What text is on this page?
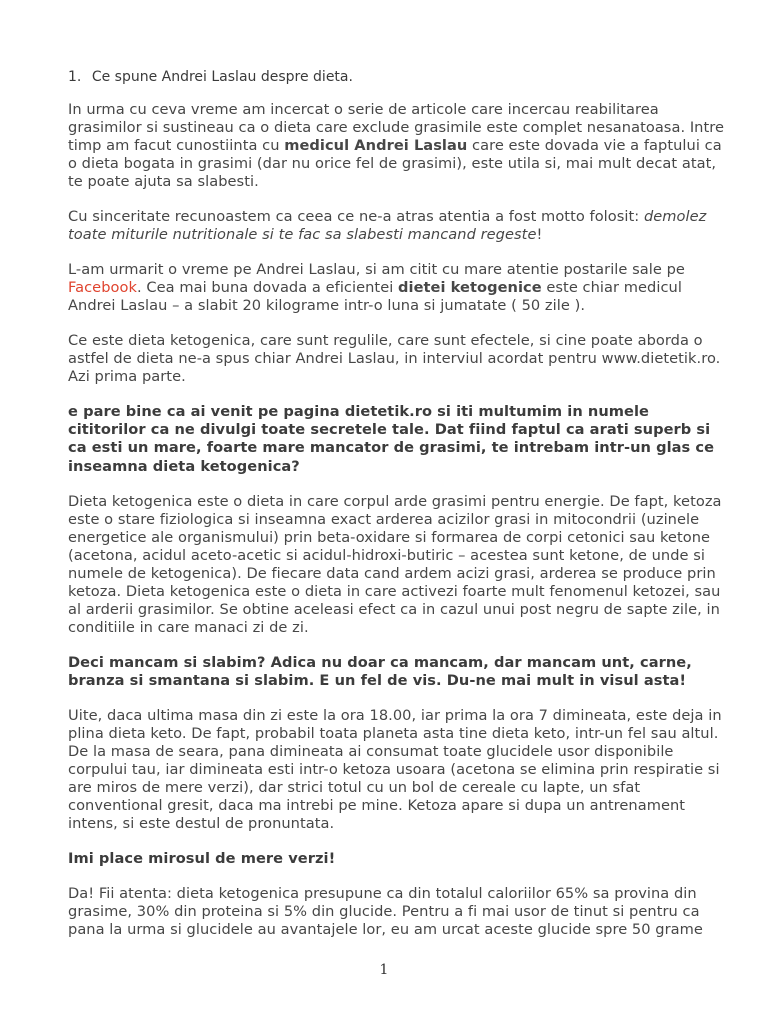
1. Ce spune Andrei Laslau despre dieta.

In urma cu ceva vreme am incercat o serie de articole care incercau reabilitarea grasimilor si sustineau ca o dieta care exclude grasimile este complet nesanatoasa. Intre timp am facut cunostiinta cu medicul Andrei Laslau care este dovada vie a faptului ca o dieta bogata in grasimi (dar nu orice fel de grasimi), este utila si, mai mult decat atat, te poate ajuta sa slabesti.

Cu sinceritate recunoastem ca ceea ce ne-a atras atentia a fost motto folosit: demolez toate miturile nutritionale si te fac sa slabesti mancand regeste!

L-am urmarit o vreme pe Andrei Laslau, si am citit cu mare atentie postarile sale pe Facebook. Cea mai buna dovada a eficientei dietei ketogenice este chiar medicul Andrei Laslau – a slabit 20 kilograme intr-o luna si jumatate ( 50 zile ).

Ce este dieta ketogenica, care sunt regulile, care sunt efectele, si cine poate aborda o astfel de dieta ne-a spus chiar Andrei Laslau, in interviul acordat pentru www.dietetik.ro. Azi prima parte.

e pare bine ca ai venit pe pagina dietetik.ro si iti multumim in numele cititorilor ca ne divulgi toate secretele tale. Dat fiind faptul ca arati superb si ca esti un mare, foarte mare mancator de grasimi, te intrebam intr-un glas ce inseamna dieta ketogenica?

Dieta ketogenica este o dieta in care corpul arde grasimi pentru energie. De fapt, ketoza este o stare fiziologica si inseamna exact arderea acizilor grasi in mitocondrii (uzinele energetice ale organismului) prin beta-oxidare si formarea de corpi cetonici sau ketone (acetona, acidul aceto-acetic si acidul-hidroxi-butiric – acestea sunt ketone, de unde si numele de ketogenica). De fiecare data cand ardem acizi grasi, arderea se produce prin ketoza. Dieta ketogenica este o dieta in care activezi foarte mult fenomenul ketozei, sau al arderii grasimilor. Se obtine aceleasi efect ca in cazul unui post negru de sapte zile, in conditiile in care manaci zi de zi.

Deci mancam si slabim? Adica nu doar ca mancam, dar mancam unt, carne, branza si smantana si slabim. E un fel de vis. Du-ne mai mult in visul asta!

Uite, daca ultima masa din zi este la ora 18.00, iar prima la ora 7 dimineata, este deja in plina dieta keto. De fapt, probabil toata planeta asta tine dieta keto, intr-un fel sau altul. De la masa de seara, pana dimineata ai consumat toate glucidele usor disponibile corpului tau, iar dimineata esti intr-o ketoza usoara (acetona se elimina prin respiratie si are miros de mere verzi), dar strici totul cu un bol de cereale cu lapte, un sfat conventional gresit, daca ma intrebi pe mine. Ketoza apare si dupa un antrenament intens, si este destul de pronuntata.

Imi place mirosul de mere verzi!

Da! Fii atenta: dieta ketogenica presupune ca din totalul caloriilor 65% sa provina din grasime, 30% din proteina si 5% din glucide. Pentru a fi mai usor de tinut si pentru ca pana la urma si glucidele au avantajele lor, eu am urcat aceste glucide spre 50 grame

1
